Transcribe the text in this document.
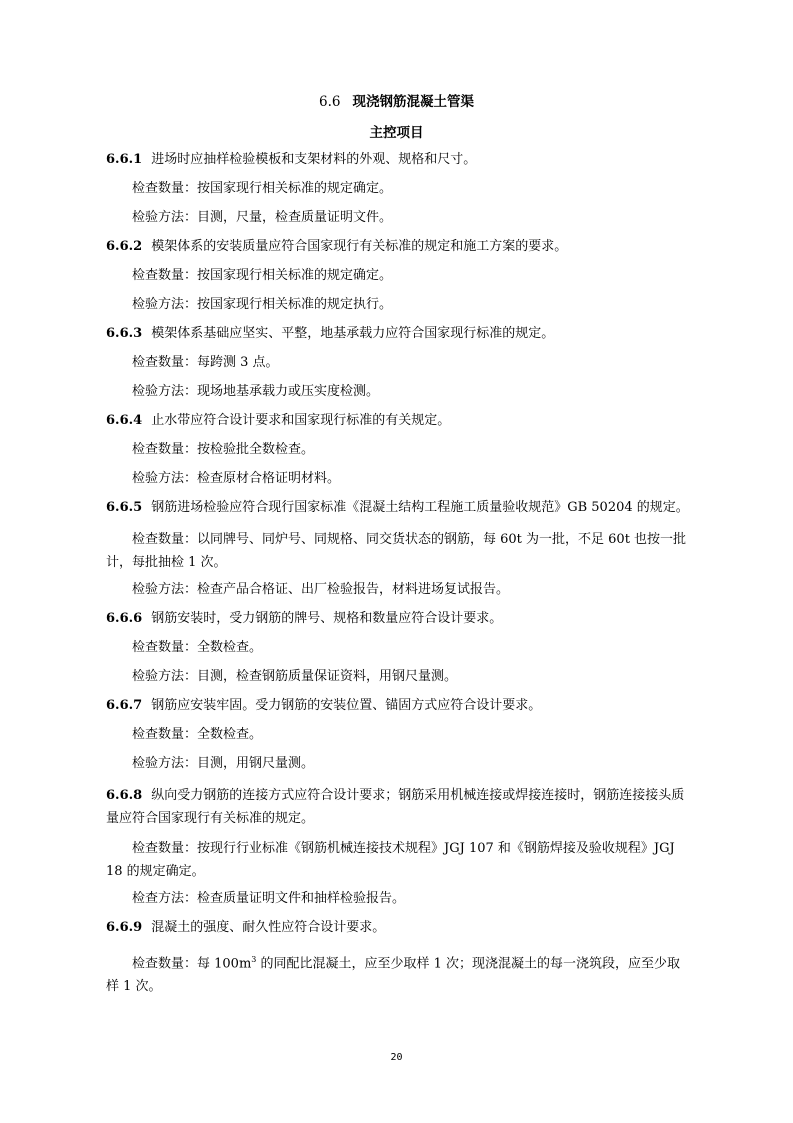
6.6 现浇钢筋混凝土管渠
主控项目

6.6.1 进场时应抽样检验模板和支架材料的外观、规格和尺寸。

检查数量：按国家现行相关标准的规定确定。

检验方法：目测，尺量，检查质量证明文件。

6.6.2 模架体系的安装质量应符合国家现行有关标准的规定和施工方案的要求。

检查数量：按国家现行相关标准的规定确定。

检验方法：按国家现行相关标准的规定执行。

6.6.3 模架体系基础应坚实、平整，地基承载力应符合国家现行标准的规定。

检查数量：每跨测 3 点。

检验方法：现场地基承载力或压实度检测。

6.6.4 止水带应符合设计要求和国家现行标准的有关规定。

检查数量：按检验批全数检查。

检验方法：检查原材合格证明材料。

6.6.5 钢筋进场检验应符合现行国家标准《混凝土结构工程施工质量验收规范》GB 50204 的规定。

检查数量：以同牌号、同炉号、同规格、同交货状态的钢筋，每 60t 为一批，不足 60t 也按一批计，每批抽检 1 次。

检验方法：检查产品合格证、出厂检验报告，材料进场复试报告。

6.6.6 钢筋安装时，受力钢筋的牌号、规格和数量应符合设计要求。

检查数量：全数检查。

检验方法：目测，检查钢筋质量保证资料，用钢尺量测。

6.6.7 钢筋应安装牢固。受力钢筋的安装位置、锚固方式应符合设计要求。

检查数量：全数检查。

检验方法：目测，用钢尺量测。

6.6.8 纵向受力钢筋的连接方式应符合设计要求；钢筋采用机械连接或焊接连接时，钢筋连接接头质量应符合国家现行有关标准的规定。

检查数量：按现行行业标准《钢筋机械连接技术规程》JGJ 107 和《钢筋焊接及验收规程》JGJ 18 的规定确定。

检查方法：检查质量证明文件和抽样检验报告。

6.6.9 混凝土的强度、耐久性应符合设计要求。

检查数量：每 $100m^3$ 的同配比混凝土，应至少取样 1 次；现浇混凝土的每一浇筑段，应至少取样 1 次。

20
